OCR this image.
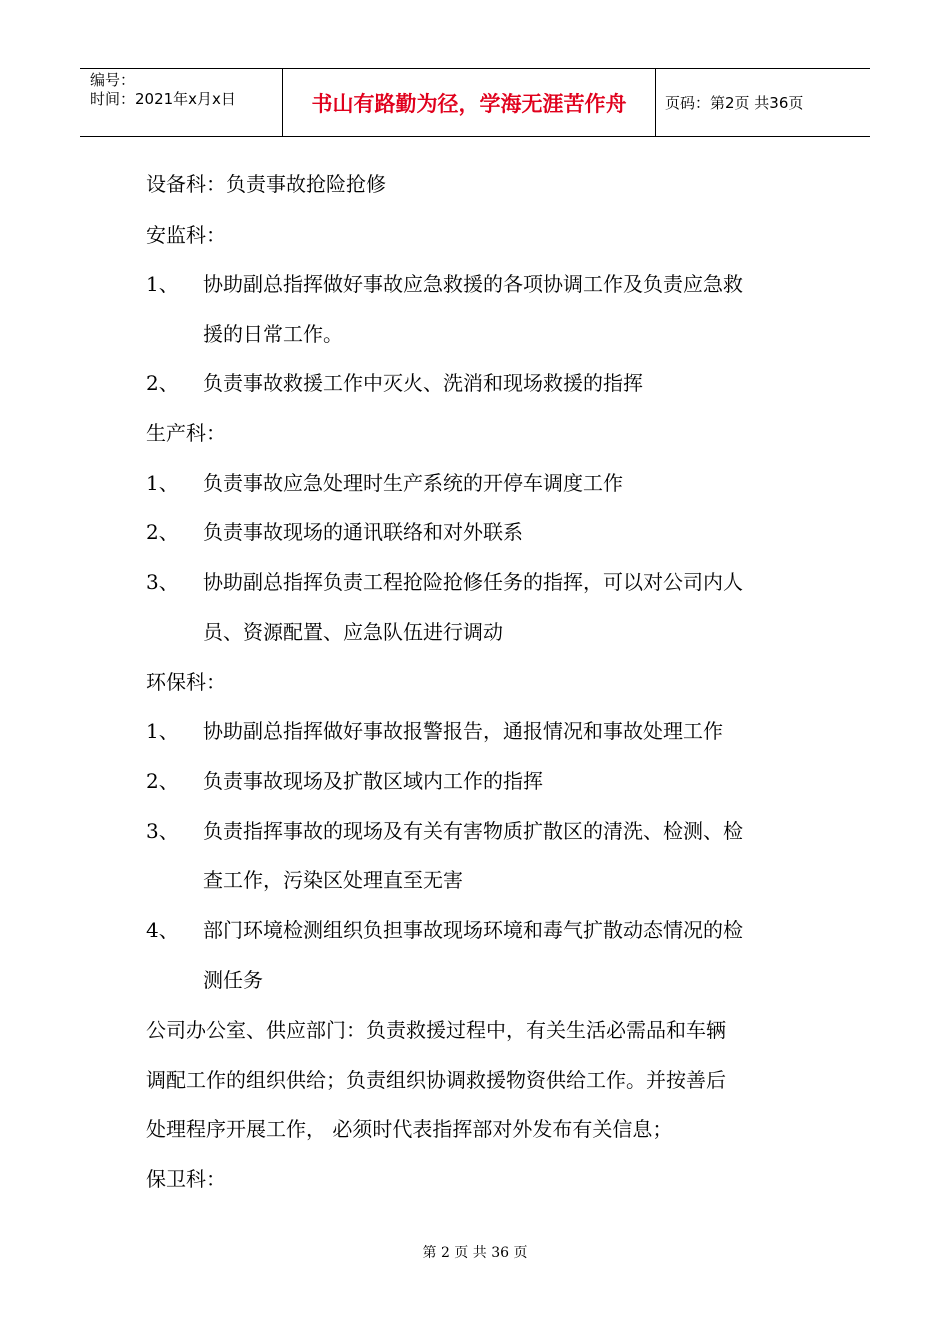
编号：
时间：2021年x月x日	书山有路勤为径，学海无涯苦作舟	页码：第2页 共36页
设备科：负责事故抢险抢修
安监科：
1、 协助副总指挥做好事故应急救援的各项协调工作及负责应急救
援的日常工作。
2、 负责事故救援工作中灭火、洗消和现场救援的指挥
生产科：
1、 负责事故应急处理时生产系统的开停车调度工作
2、 负责事故现场的通讯联络和对外联系
3、 协助副总指挥负责工程抢险抢修任务的指挥，可以对公司内人
员、资源配置、应急队伍进行调动
环保科：
1、 协助副总指挥做好事故报警报告，通报情况和事故处理工作
2、 负责事故现场及扩散区域内工作的指挥
3、 负责指挥事故的现场及有关有害物质扩散区的清洗、检测、检
查工作，污染区处理直至无害
4、 部门环境检测组织负担事故现场环境和毒气扩散动态情况的检
测任务
公司办公室、供应部门：负责救援过程中，有关生活必需品和车辆
调配工作的组织供给；负责组织协调救援物资供给工作。并按善后
处理程序开展工作， 必须时代表指挥部对外发布有关信息；
保卫科：
第 2 页 共 36 页
